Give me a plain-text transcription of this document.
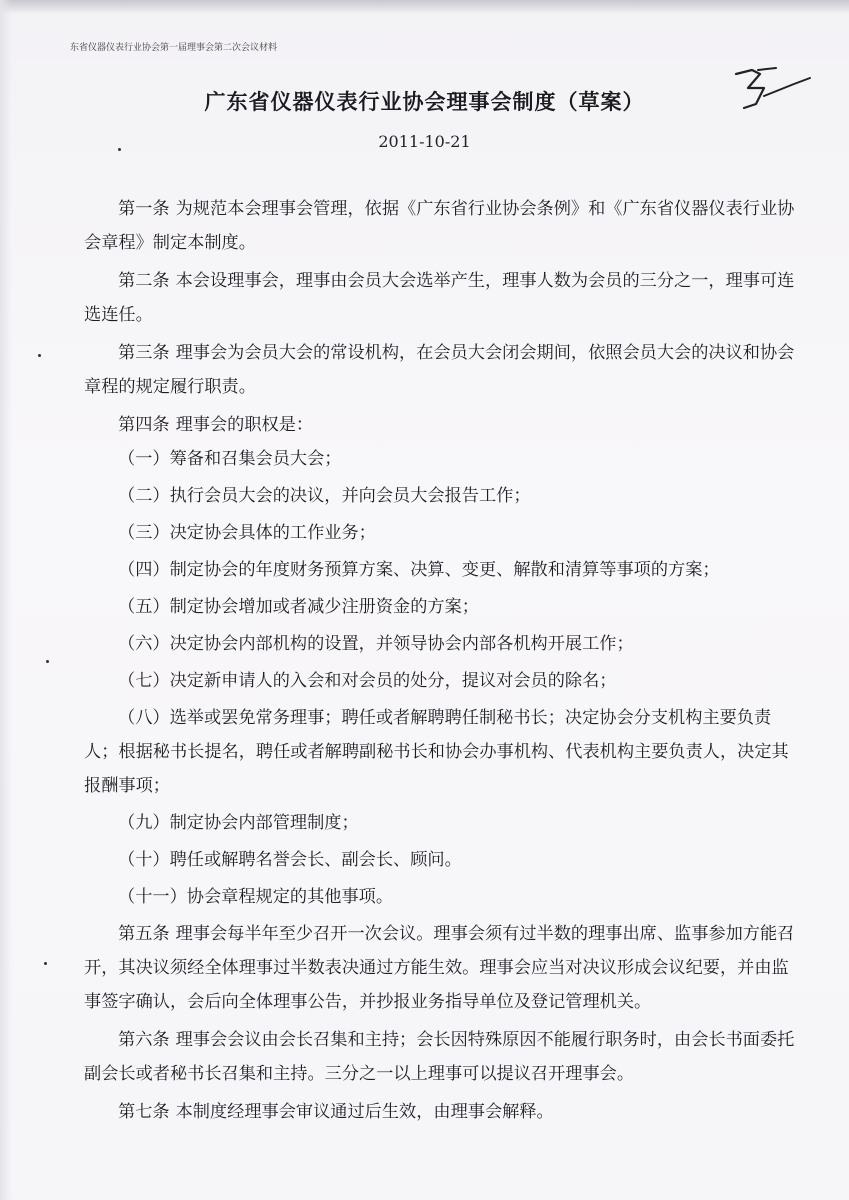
东省仪器仪表行业协会第一届理事会第二次会议材料
广东省仪器仪表行业协会理事会制度（草案）
2011-10-21

第一条 为规范本会理事会管理，依据《广东省行业协会条例》和《广东省仪器仪表行业协会章程》制定本制度。

第二条 本会设理事会，理事由会员大会选举产生，理事人数为会员的三分之一，理事可连选连任。

第三条 理事会为会员大会的常设机构，在会员大会闭会期间，依照会员大会的决议和协会章程的规定履行职责。

第四条 理事会的职权是：

（一）筹备和召集会员大会；

（二）执行会员大会的决议，并向会员大会报告工作；

（三）决定协会具体的工作业务；

（四）制定协会的年度财务预算方案、决算、变更、解散和清算等事项的方案；

（五）制定协会增加或者减少注册资金的方案；

（六）决定协会内部机构的设置，并领导协会内部各机构开展工作；

（七）决定新申请人的入会和对会员的处分，提议对会员的除名；

（八）选举或罢免常务理事；聘任或者解聘聘任制秘书长；决定协会分支机构主要负责人；根据秘书长提名，聘任或者解聘副秘书长和协会办事机构、代表机构主要负责人，决定其报酬事项；

（九）制定协会内部管理制度；

（十）聘任或解聘名誉会长、副会长、顾问。

（十一）协会章程规定的其他事项。

第五条 理事会每半年至少召开一次会议。理事会须有过半数的理事出席、监事参加方能召开，其决议须经全体理事过半数表决通过方能生效。理事会应当对决议形成会议纪要，并由监事签字确认，会后向全体理事公告，并抄报业务指导单位及登记管理机关。

第六条 理事会会议由会长召集和主持；会长因特殊原因不能履行职务时，由会长书面委托副会长或者秘书长召集和主持。三分之一以上理事可以提议召开理事会。

第七条 本制度经理事会审议通过后生效，由理事会解释。
